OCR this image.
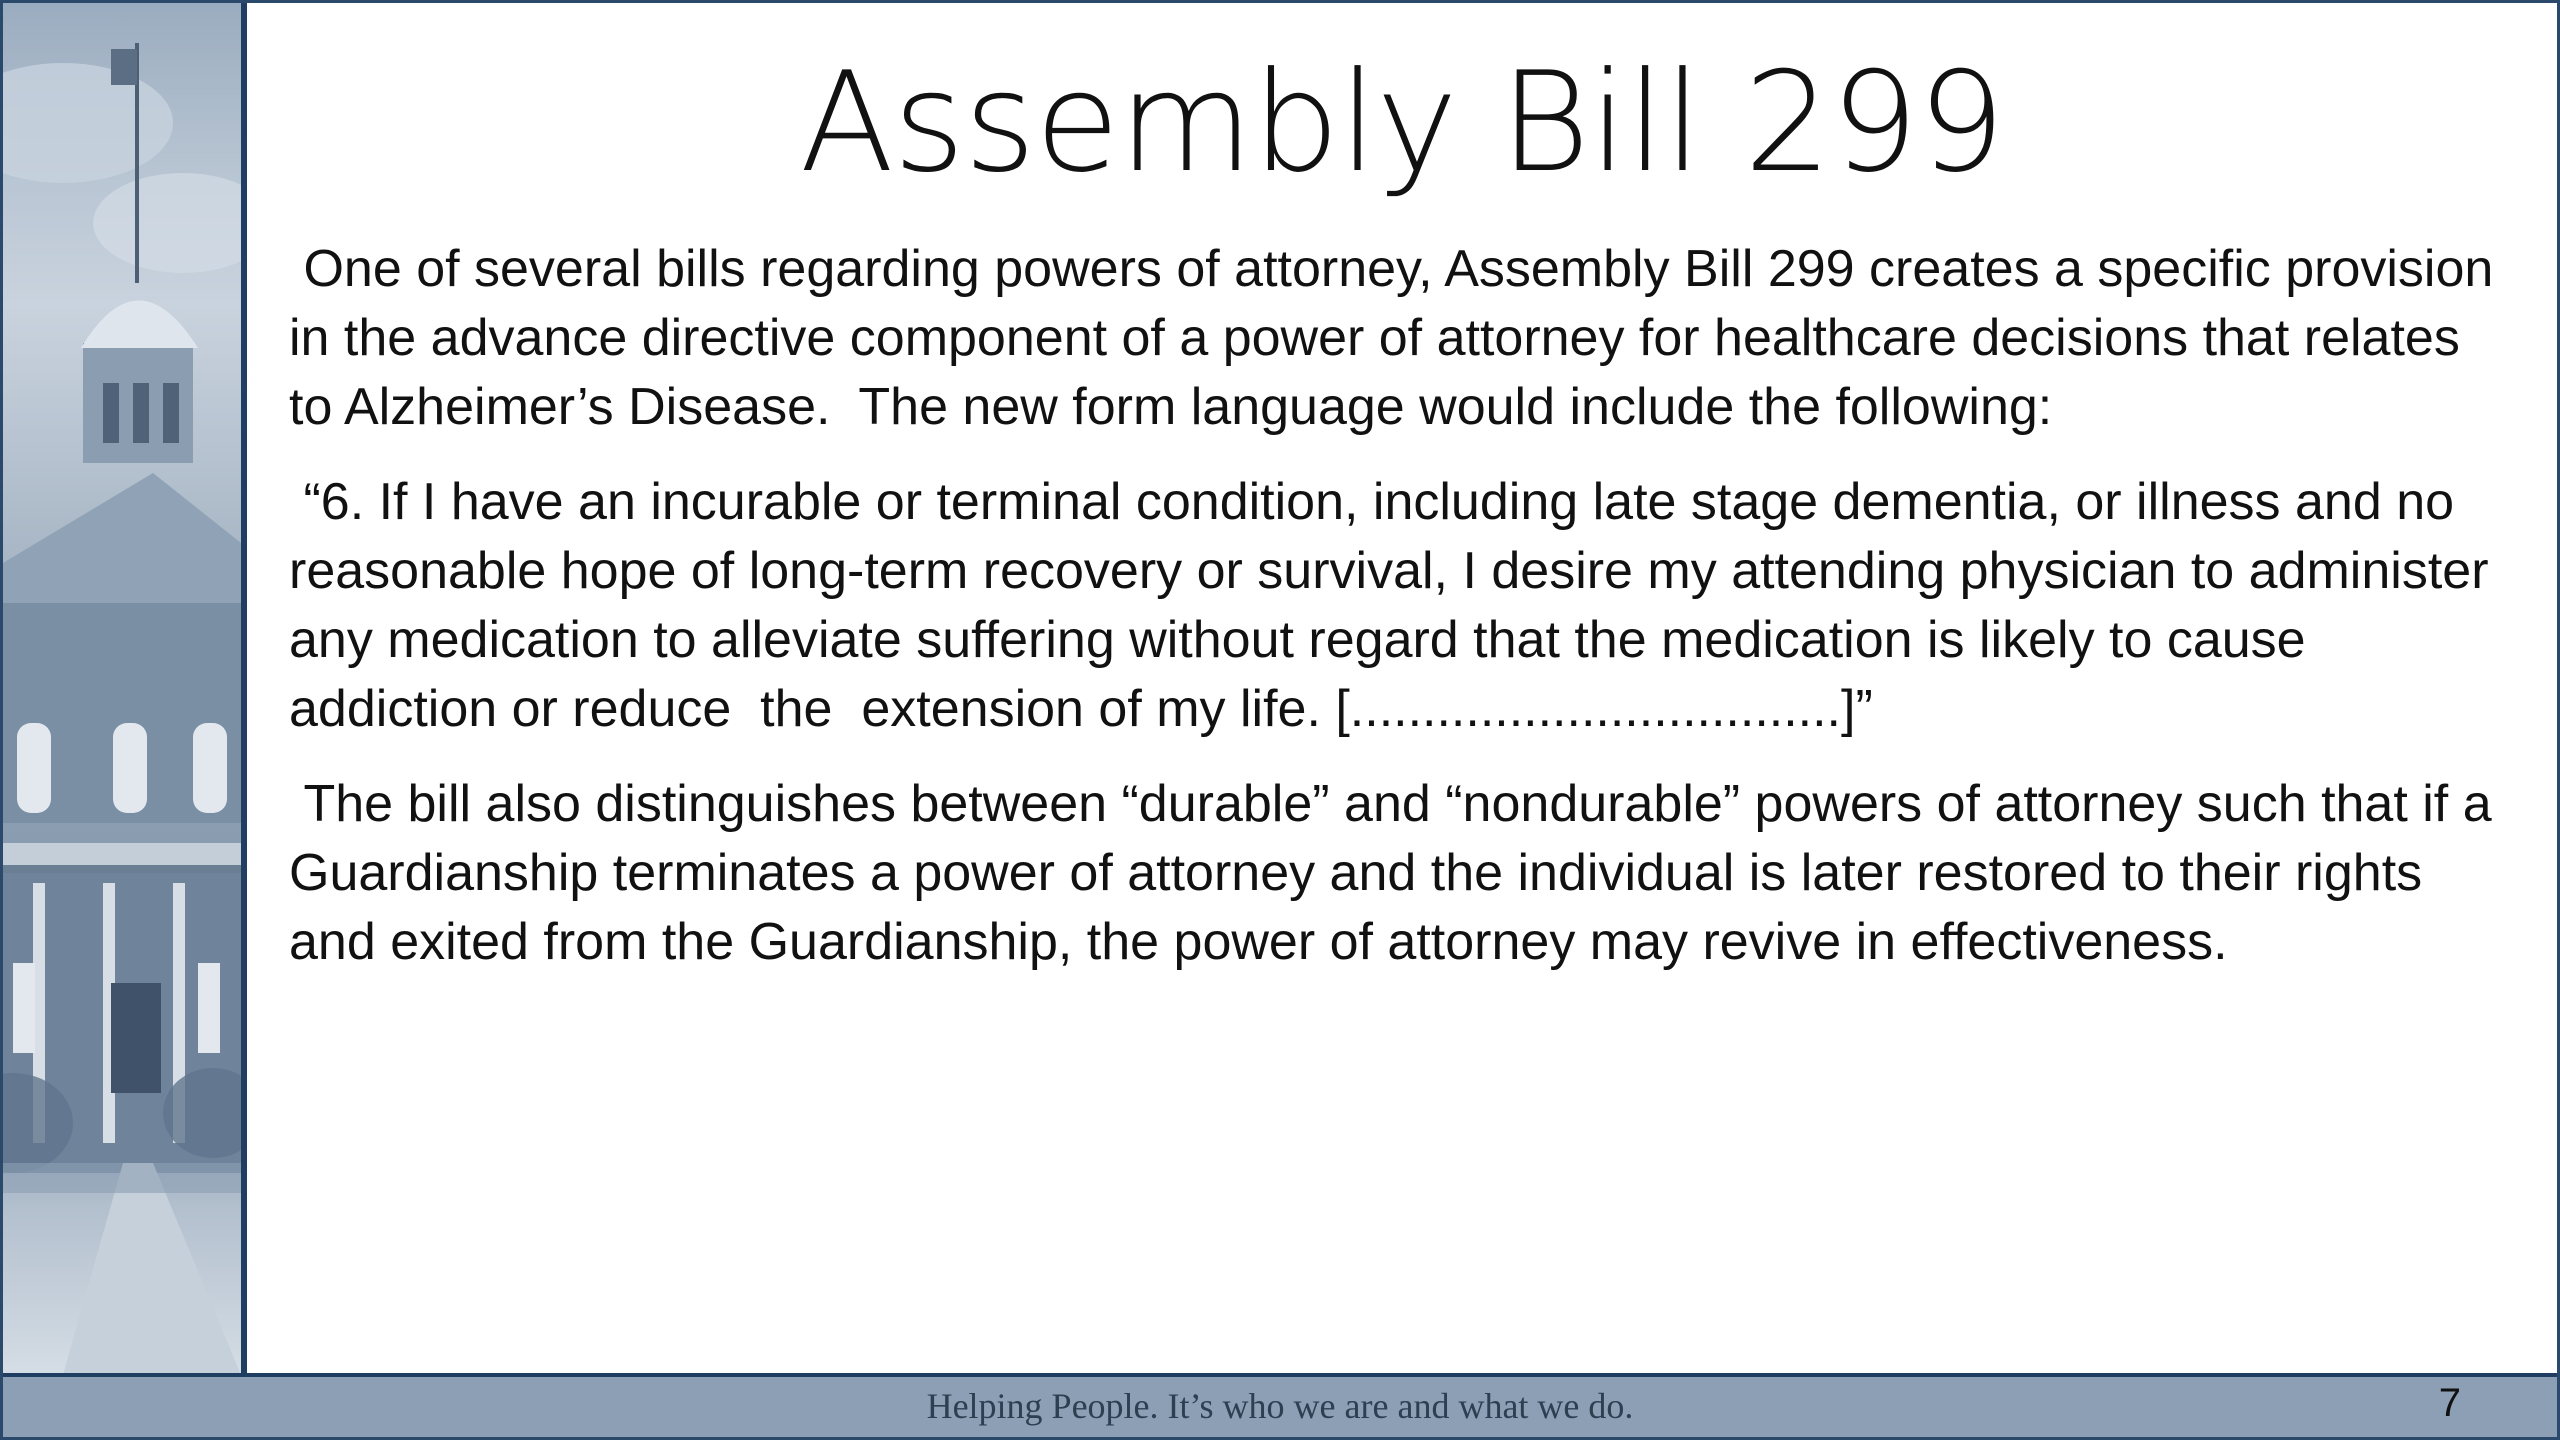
Assembly Bill 299

One of several bills regarding powers of attorney, Assembly Bill 299 creates a specific provision in the advance directive component of a power of attorney for healthcare decisions that relates to Alzheimer’s Disease.  The new form language would include the following:

“6. If I have an incurable or terminal condition, including late stage dementia, or illness and no reasonable hope of long-term recovery or survival, I desire my attending physician to administer any medication to alleviate suffering without regard that the medication is likely to cause addiction or reduce  the  extension of my life. [..................................]”

The bill also distinguishes between “durable” and “nondurable” powers of attorney such that if a Guardianship terminates a power of attorney and the individual is later restored to their rights and exited from the Guardianship, the power of attorney may revive in effectiveness.

Helping People. It’s who we are and what we do.	7
